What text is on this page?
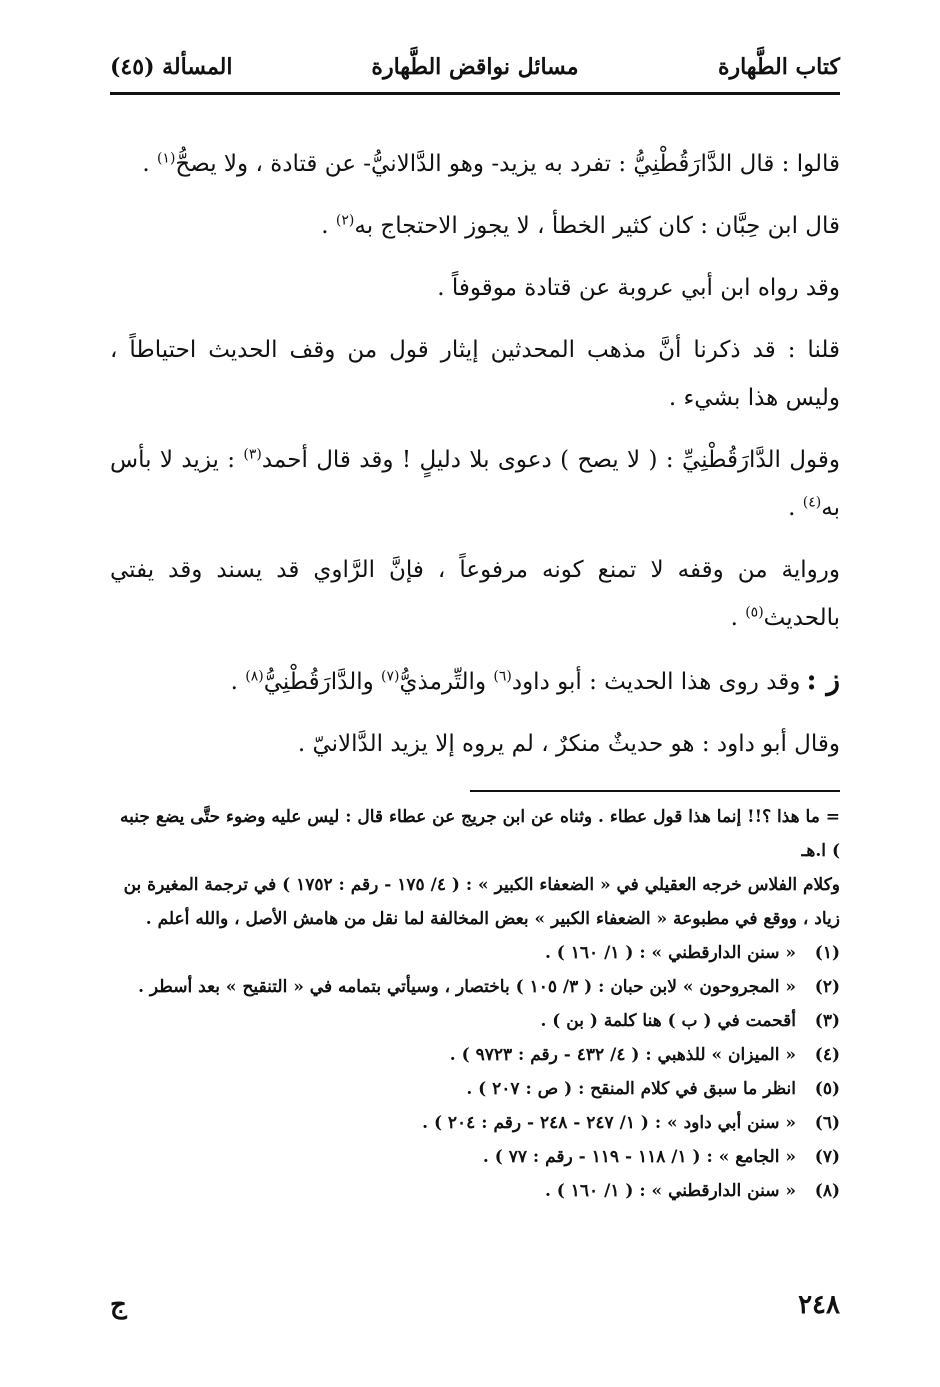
كتاب الطَّهارة
مسائل نواقض الطَّهارة
المسألة (٤٥)

قالوا : قال الدَّارَقُطْنِيُّ : تفرد به يزيد- وهو الدَّالانيُّ- عن قتادة ، ولا يصحُّ$^{(١)}$ .

قال ابن حِبَّان : كان كثير الخطأ ، لا يجوز الاحتجاج به$^{(٢)}$ .

وقد رواه ابن أبي عروبة عن قتادة موقوفاً .

قلنا : قد ذكرنا أنَّ مذهب المحدثين إيثار قول من وقف الحديث احتياطاً ، وليس هذا بشيء .

وقول الدَّارَقُطْنِيِّ : ( لا يصح ) دعوى بلا دليلٍ ! وقد قال أحمد$^{(٣)}$ : يزيد لا بأس به$^{(٤)}$ .

ورواية من وقفه لا تمنع كونه مرفوعاً ، فإنَّ الرَّاوي قد يسند وقد يفتي بالحديث$^{(٥)}$ .

ز :وقد روى هذا الحديث : أبو داود$^{(٦)}$ والتِّرمذيُّ$^{(٧)}$ والدَّارَقُطْنِيُّ$^{(٨)}$ .

وقال أبو داود : هو حديثٌ منكرٌ ، لم يروه إلا يزيد الدَّالانيّ .

= ما هذا ؟!! إنما هذا قول عطاء . وثناه عن ابن جريج عن عطاء قال : ليس عليه وضوء حتَّى يضع جنبه ) ا.هـ

وكلام الفلاس خرجه العقيلي في « الضعفاء الكبير » : ( ٤/ ١٧٥ - رقم : ١٧٥٢ ) في ترجمة المغيرة بن زياد ، ووقع في مطبوعة « الضعفاء الكبير » بعض المخالفة لما نقل من هامش الأصل ، والله أعلم .

(١)
« سنن الدارقطني » : ( ١/ ١٦٠ ) .
(٢)
« المجروحون » لابن حبان : ( ٣/ ١٠٥ ) باختصار ، وسيأتي بتمامه في « التنقيح » بعد أسطر .
(٣)
أقحمت في ( ب ) هنا كلمة ( بن ) .
(٤)
« الميزان » للذهبي : ( ٤/ ٤٣٢ - رقم : ٩٧٢٣ ) .
(٥)
انظر ما سبق في كلام المنقح : ( ص : ٢٠٧ ) .
(٦)
« سنن أبي داود » : ( ١/ ٢٤٧ - ٢٤٨ - رقم : ٢٠٤ ) .
(٧)
« الجامع » : ( ١/ ١١٨ - ١١٩ - رقم : ٧٧ ) .
(٨)
« سنن الدارقطني » : ( ١/ ١٦٠ ) .
٢٤٨
ج
